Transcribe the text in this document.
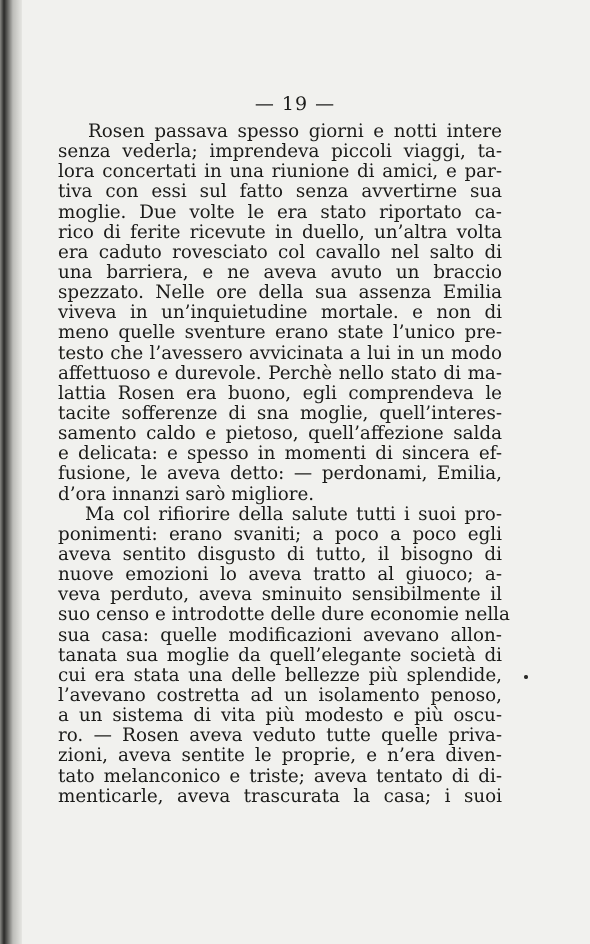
— 19 —
Rosen passava spesso giorni e notti intere
senza vederla; imprendeva piccoli viaggi, ta-
lora concertati in una riunione di amici, e par-
tiva con essi sul fatto senza avvertirne sua
moglie. Due volte le era stato riportato ca-
rico di ferite ricevute in duello, un’altra volta
era caduto rovesciato col cavallo nel salto di
una barriera, e ne aveva avuto un braccio
spezzato. Nelle ore della sua assenza Emilia
viveva in un’inquietudine mortale. e non di
meno quelle sventure erano state l’unico pre-
testo che l’avessero avvicinata a lui in un modo
affettuoso e durevole. Perchè nello stato di ma-
lattia Rosen era buono, egli comprendeva le
tacite sofferenze di sna moglie, quell’interes-
samento caldo e pietoso, quell’affezione salda
e delicata: e spesso in momenti di sincera ef-
fusione, le aveva detto: — perdonami, Emilia,
d’ora innanzi sarò migliore.
Ma col rifiorire della salute tutti i suoi pro-
ponimenti: erano svaniti; a poco a poco egli
aveva sentito disgusto di tutto, il bisogno di
nuove emozioni lo aveva tratto al giuoco; a-
veva perduto, aveva sminuito sensibilmente il
suo censo e introdotte delle dure economie nella
sua casa: quelle modificazioni avevano allon-
tanata sua moglie da quell’elegante società di
cui era stata una delle bellezze più splendide,
l’avevano costretta ad un isolamento penoso,
a un sistema di vita più modesto e più oscu-
ro. — Rosen aveva veduto tutte quelle priva-
zioni, aveva sentite le proprie, e n’era diven-
tato melanconico e triste; aveva tentato di di-
menticarle, aveva trascurata la casa; i suoi
